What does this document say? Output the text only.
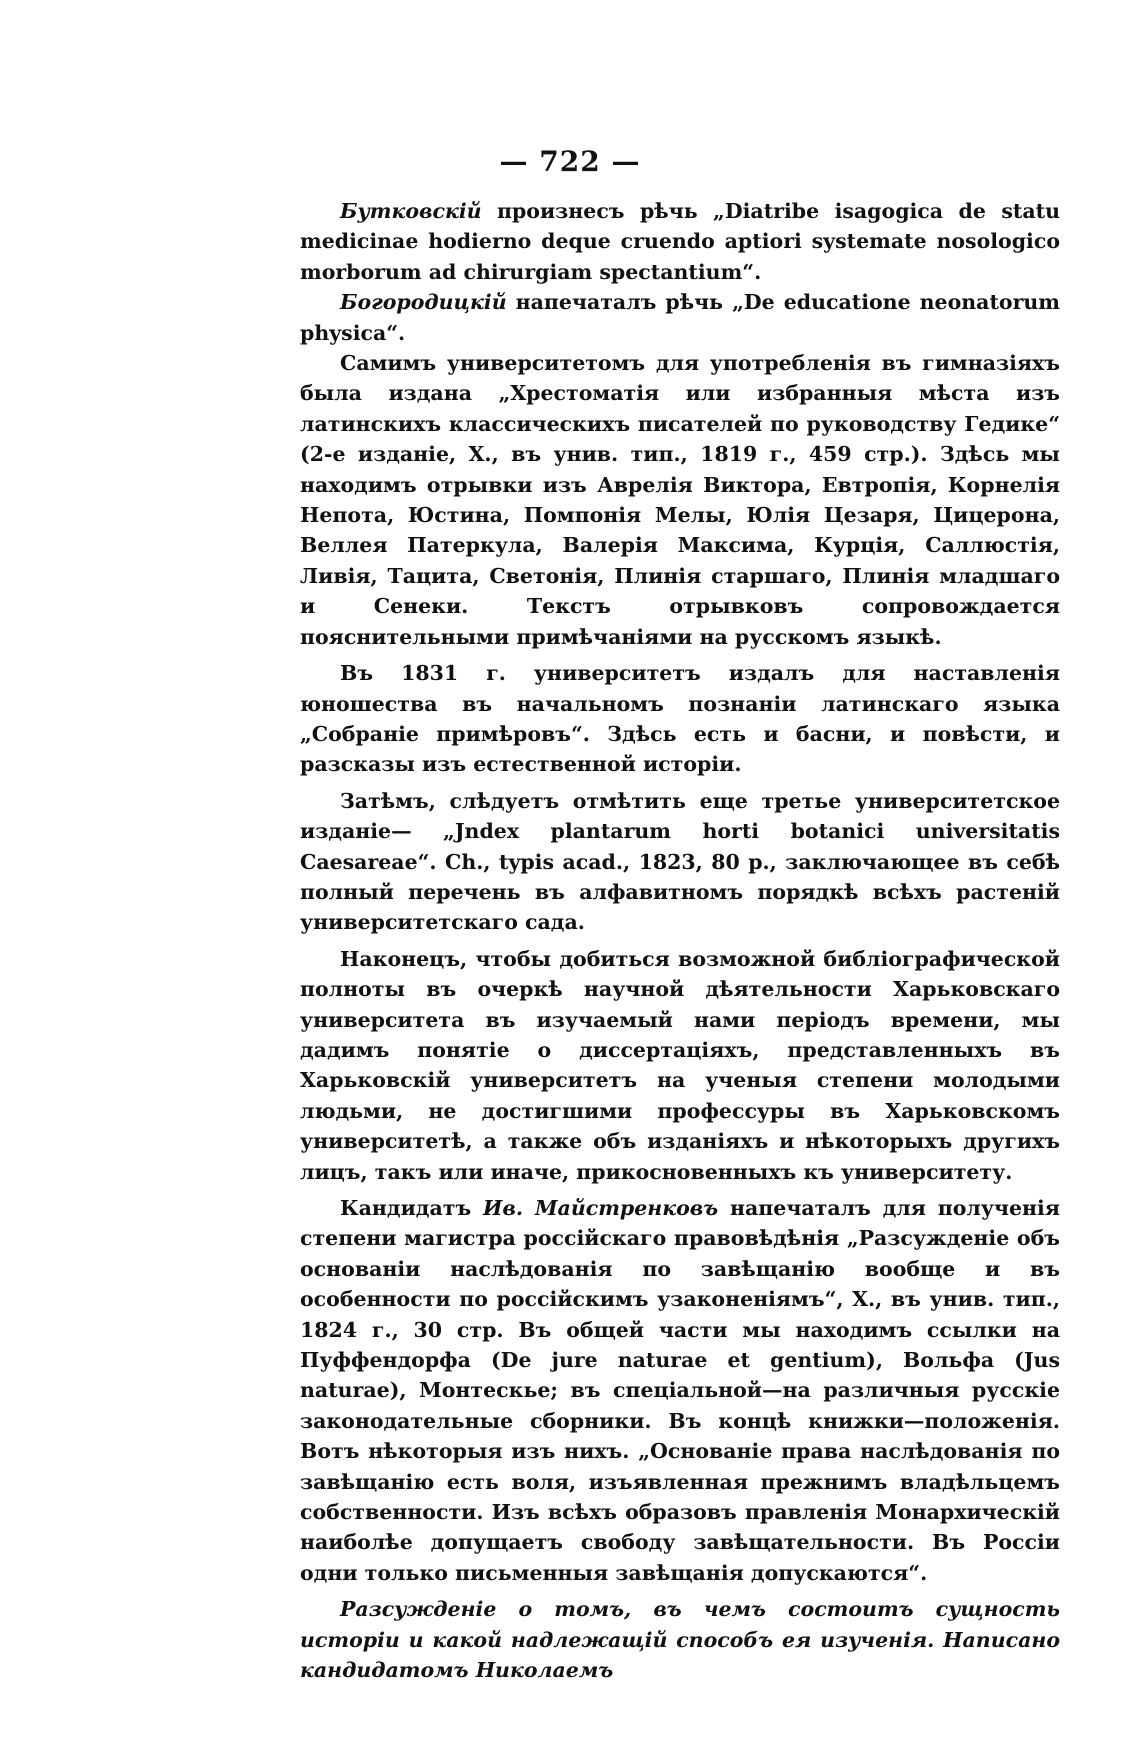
— 722 —

Бутковскій произнесъ рѣчь „Diatribe isagogica de statu medicinae hodierno deque cruendo aptiori systemate nosologico morborum ad chirurgiam spectantium“.

Богородицкій напечаталъ рѣчь „De educatione neonatorum physica“.

Самимъ университетомъ для употребленія въ гимназіяхъ была издана „Хрестоматія или избранныя мѣста изъ латинскихъ классическихъ писателей по руководству Гедике“ (2-е изданіе, Х., въ унив. тип., 1819 г., 459 стр.). Здѣсь мы находимъ отрывки изъ Аврелія Виктора, Евтропія, Корнелія Непота, Юстина, Помпонія Мелы, Юлія Цезаря, Цицерона, Веллея Патеркула, Валерія Максима, Курція, Саллюстія, Ливія, Тацита, Светонія, Плинія старшаго, Плинія младшаго и Сенеки. Текстъ отрывковъ сопровождается пояснительными примѣчаніями на русскомъ языкѣ.

Въ 1831 г. университетъ издалъ для наставленія юношества въ начальномъ познаніи латинскаго языка „Собраніе примѣровъ“. Здѣсь есть и басни, и повѣсти, и разсказы изъ естественной исторіи.

Затѣмъ, слѣдуетъ отмѣтить еще третье университетское изданіе— „Jndex plantarum horti botanici universitatis Caesareae“. Ch., typis acad., 1823, 80 p., заключающее въ себѣ полный перечень въ алфавитномъ порядкѣ всѣхъ растеній университетскаго сада.

Наконецъ, чтобы добиться возможной библіографической полноты въ очеркѣ научной дѣятельности Харьковскаго университета въ изучаемый нами періодъ времени, мы дадимъ понятіе о диссертаціяхъ, представленныхъ въ Харьковскій университетъ на ученыя степени молодыми людьми, не достигшими профессуры въ Харьковскомъ университетѣ, а также объ изданіяхъ и нѣкоторыхъ другихъ лицъ, такъ или иначе, прикосновенныхъ къ университету.

Кандидатъ Ив. Майстренковъ напечаталъ для полученія степени магистра россійскаго правовѣдѣнія „Разсужденіе объ основаніи наслѣдованія по завѣщанію вообще и въ особенности по россійскимъ узаконеніямъ“, Х., въ унив. тип., 1824 г., 30 стр. Въ общей части мы находимъ ссылки на Пуффендорфа (De jure naturae et gentium), Вольфа (Jus naturae), Монтескье; въ спеціальной—на различныя русскіе законодательные сборники. Въ концѣ книжки—положенія. Вотъ нѣкоторыя изъ нихъ. „Основаніе права наслѣдованія по завѣщанію есть воля, изъявленная прежнимъ владѣльцемъ собственности. Изъ всѣхъ образовъ правленія Монархическій наиболѣе допущаетъ свободу завѣщательности. Въ Россіи одни только письменныя завѣщанія допускаются“.

Разсужденіе о томъ, въ чемъ состоитъ сущность исторіи и какой надлежащій способъ ея изученія. Написано кандидатомъ Николаемъ
